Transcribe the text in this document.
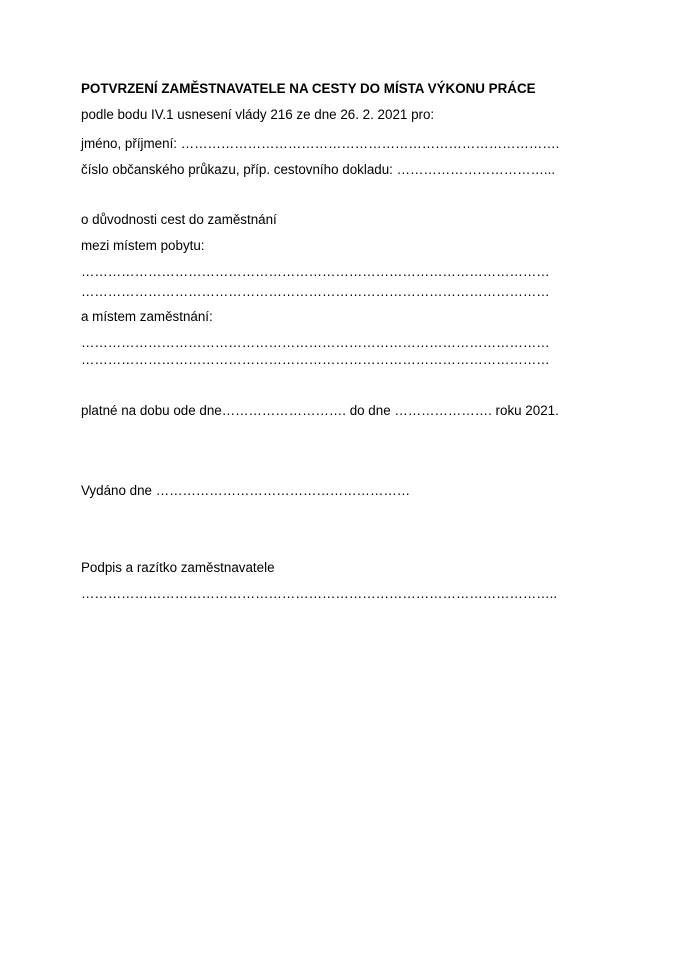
POTVRZENÍ ZAMĚSTNAVATELE NA CESTY DO MÍSTA VÝKONU PRÁCE
podle bodu IV.1 usnesení vlády 216 ze dne 26. 2. 2021 pro:
jméno, příjmení: ………………………………………………………………………….
číslo občanského průkazu, příp. cestovního dokladu: ……………………………...
o důvodnosti cest do zaměstnání
mezi místem pobytu:
……………………………………………………………………………………………
……………………………………………………………………………………………
a místem zaměstnání:
……………………………………………………………………………………………
……………………………………………………………………………………………
platné na dobu ode dne………………………. do dne …………………. roku 2021.
Vydáno dne …………………………………………………
Podpis a razítko zaměstnavatele
……………………………………………………………………………………………..
